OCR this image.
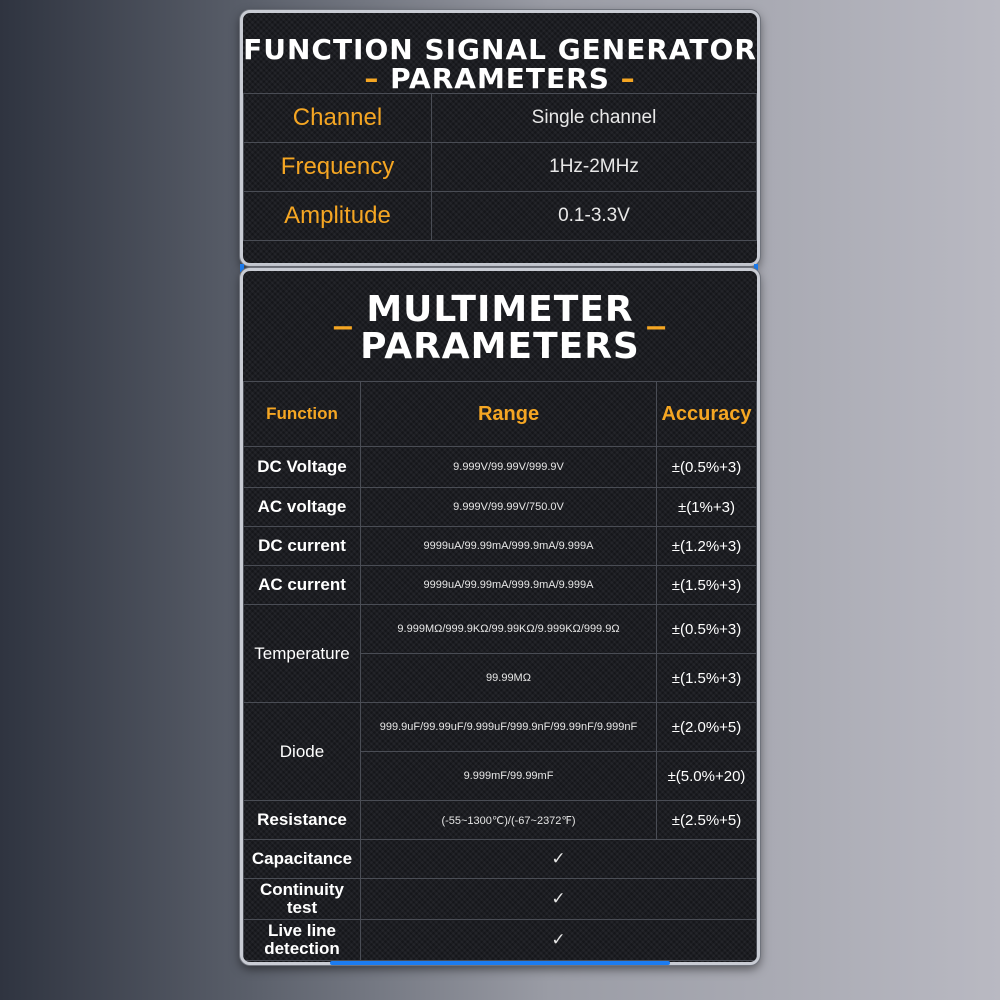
FUNCTION SIGNAL GENERATOR
– PARAMETERS –
Channel	Single channel
Frequency	1Hz-2MHz
Amplitude	0.1-3.3V
_ MULTIMETER _
PARAMETERS
Function	Range	Accuracy
DC Voltage	9.999V/99.99V/999.9V	±(0.5%+3)
AC voltage	9.999V/99.99V/750.0V	±(1%+3)
DC current	9999uA/99.99mA/999.9mA/9.999A	±(1.2%+3)
AC current	9999uA/99.99mA/999.9mA/9.999A	±(1.5%+3)
Temperature	9.999MΩ/999.9KΩ/99.99KΩ/9.999KΩ/999.9Ω	±(0.5%+3)
	99.99MΩ	±(1.5%+3)
Diode	999.9uF/99.99uF/9.999uF/999.9nF/99.99nF/9.999nF	±(2.0%+5)
	9.999mF/99.99mF	±(5.0%+20)
Resistance	(-55~1300℃)/(-67~2372℉)	±(2.5%+5)
Capacitance	✓	
Continuity test	✓	
Live line detection	✓	
